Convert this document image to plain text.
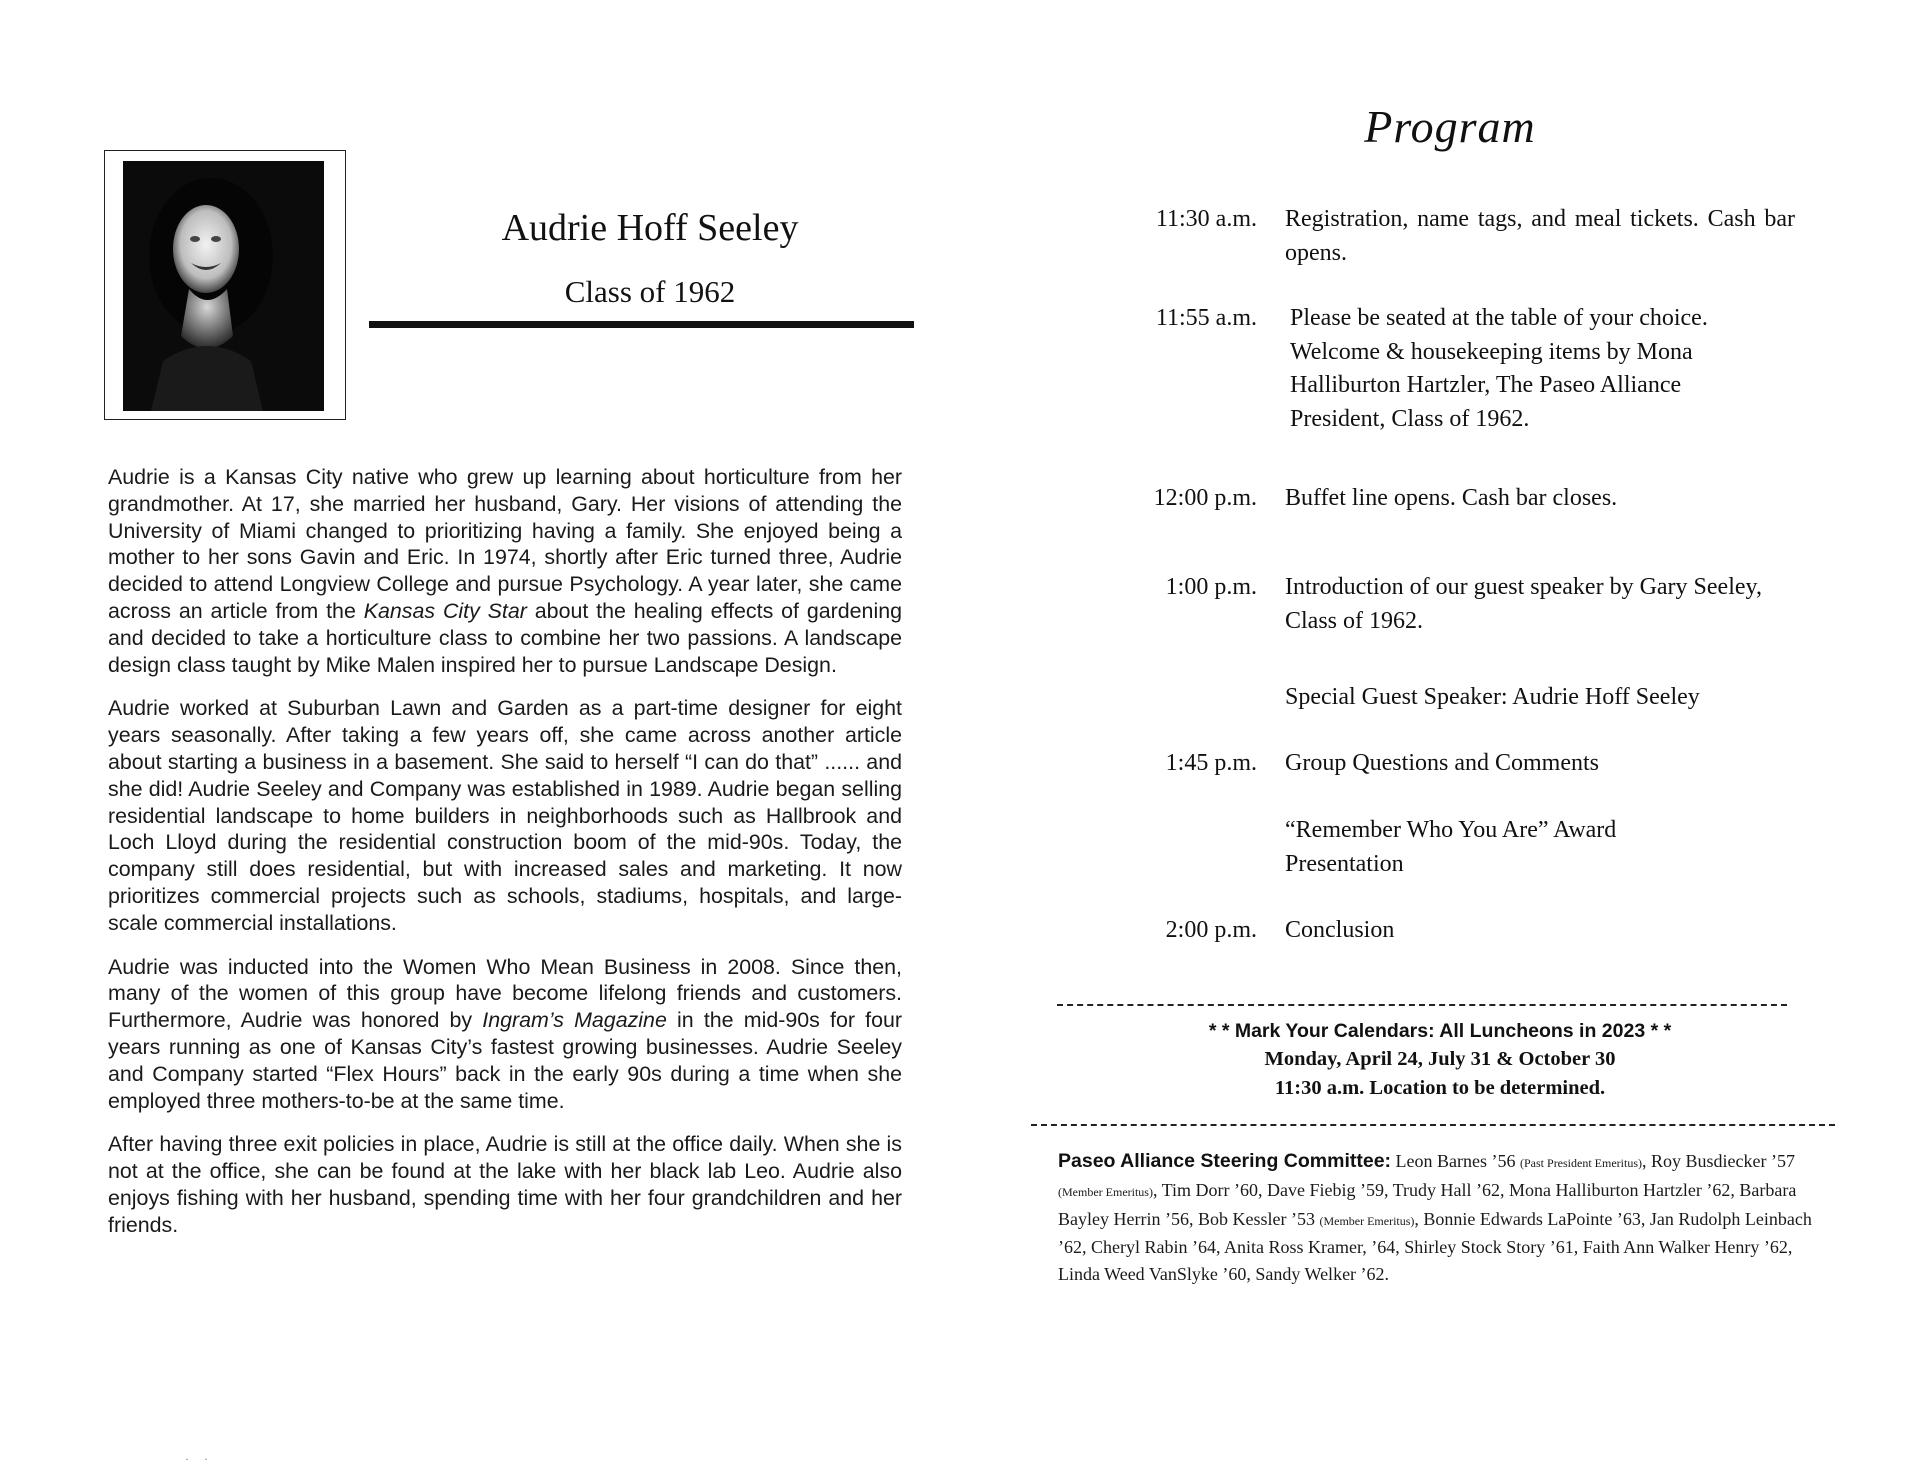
Audrie Hoff Seeley
Class of 1962

Audrie is a Kansas City native who grew up learning about horticulture from her grandmother. At 17, she married her husband, Gary. Her visions of attending the University of Miami changed to prioritizing having a family. She enjoyed being a mother to her sons Gavin and Eric. In 1974, shortly after Eric turned three, Audrie decided to attend Longview College and pursue Psychology. A year later, she came across an article from the Kansas City Star about the healing effects of gardening and decided to take a horticulture class to combine her two passions. A landscape design class taught by Mike Malen inspired her to pursue Landscape Design.

Audrie worked at Suburban Lawn and Garden as a part-time designer for eight years seasonally. After taking a few years off, she came across another article about starting a business in a basement. She said to herself “I can do that” ...... and she did! Audrie Seeley and Company was established in 1989. Audrie began selling residential landscape to home builders in neighborhoods such as Hallbrook and Loch Lloyd during the residential construction boom of the mid-90s. Today, the company still does residential, but with increased sales and marketing. It now prioritizes commercial projects such as schools, stadiums, hospitals, and large-scale commercial installations.

Audrie was inducted into the Women Who Mean Business in 2008. Since then, many of the women of this group have become lifelong friends and customers. Furthermore, Audrie was honored by Ingram’s Magazine in the mid-90s for four years running as one of Kansas City’s fastest growing businesses. Audrie Seeley and Company started “Flex Hours” back in the early 90s during a time when she employed three mothers-to-be at the same time.

After having three exit policies in place, Audrie is still at the office daily. When she is not at the office, she can be found at the lake with her black lab Leo. Audrie also enjoys fishing with her husband, spending time with her four grandchildren and her friends.

Program
11:30 a.m. Registration, name tags, and meal tickets. Cash bar opens.
11:55 a.m. Please be seated at the table of your choice. Welcome & housekeeping items by Mona Halliburton Hartzler, The Paseo Alliance President, Class of 1962.
12:00 p.m. Buffet line opens. Cash bar closes.
1:00 p.m. Introduction of our guest speaker by Gary Seeley, Class of 1962.
Special Guest Speaker: Audrie Hoff Seeley
1:45 p.m. Group Questions and Comments
“Remember Who You Are” Award Presentation
2:00 p.m. Conclusion
* * Mark Your Calendars: All Luncheons in 2023 * *
Monday, April 24, July 31 & October 30
11:30 a.m. Location to be determined.
Paseo Alliance Steering Committee: Leon Barnes ’56 (Past President Emeritus), Roy Busdiecker ’57 (Member Emeritus), Tim Dorr ’60, Dave Fiebig ’59, Trudy Hall ’62, Mona Halliburton Hartzler ’62, Barbara Bayley Herrin ’56, Bob Kessler ’53 (Member Emeritus), Bonnie Edwards LaPointe ’63, Jan Rudolph Leinbach ’62, Cheryl Rabin ’64, Anita Ross Kramer, ’64, Shirley Stock Story ’61, Faith Ann Walker Henry ’62, Linda Weed VanSlyke ’60, Sandy Welker ’62.
· ·
